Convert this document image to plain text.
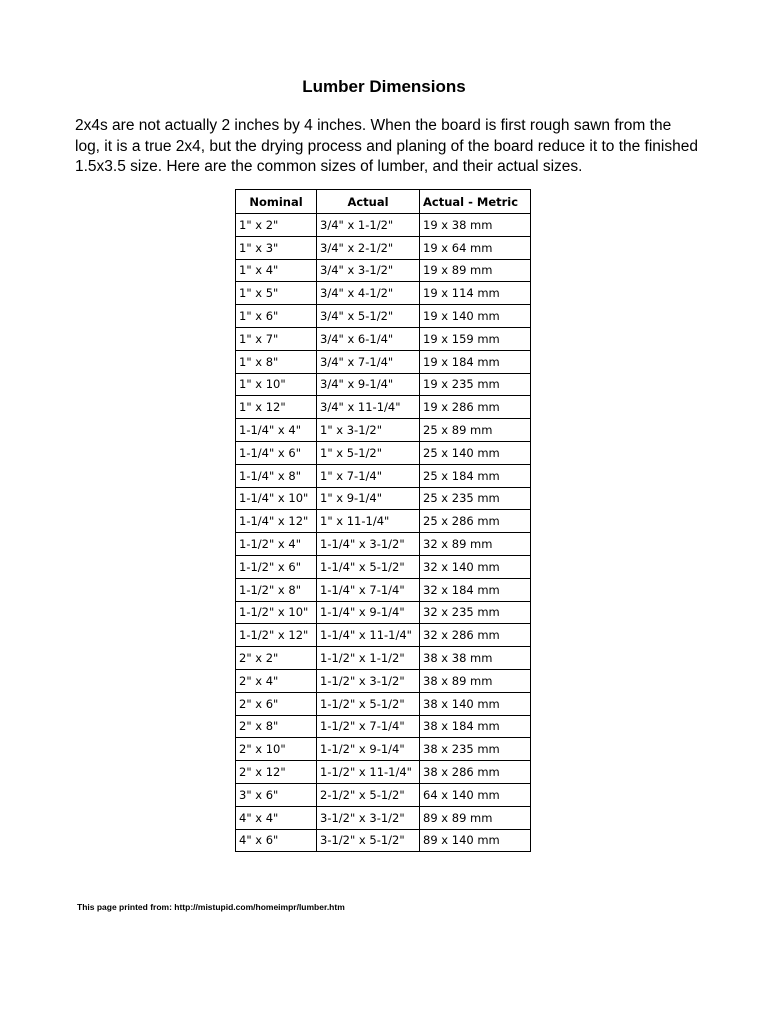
Lumber Dimensions

2x4s are not actually 2 inches by 4 inches. When the board is first rough sawn from the log, it is a true 2x4, but the drying process and planing of the board reduce it to the finished 1.5x3.5 size. Here are the common sizes of lumber, and their actual sizes.

Nominal	Actual	Actual - Metric
1" x 2"	3/4" x 1-1/2"	19 x 38 mm
1" x 3"	3/4" x 2-1/2"	19 x 64 mm
1" x 4"	3/4" x 3-1/2"	19 x 89 mm
1" x 5"	3/4" x 4-1/2"	19 x 114 mm
1" x 6"	3/4" x 5-1/2"	19 x 140 mm
1" x 7"	3/4" x 6-1/4"	19 x 159 mm
1" x 8"	3/4" x 7-1/4"	19 x 184 mm
1" x 10"	3/4" x 9-1/4"	19 x 235 mm
1" x 12"	3/4" x 11-1/4"	19 x 286 mm
1-1/4" x 4"	1" x 3-1/2"	25 x 89 mm
1-1/4" x 6"	1" x 5-1/2"	25 x 140 mm
1-1/4" x 8"	1" x 7-1/4"	25 x 184 mm
1-1/4" x 10"	1" x 9-1/4"	25 x 235 mm
1-1/4" x 12"	1" x 11-1/4"	25 x 286 mm
1-1/2" x 4"	1-1/4" x 3-1/2"	32 x 89 mm
1-1/2" x 6"	1-1/4" x 5-1/2"	32 x 140 mm
1-1/2" x 8"	1-1/4" x 7-1/4"	32 x 184 mm
1-1/2" x 10"	1-1/4" x 9-1/4"	32 x 235 mm
1-1/2" x 12"	1-1/4" x 11-1/4"	32 x 286 mm
2" x 2"	1-1/2" x 1-1/2"	38 x 38 mm
2" x 4"	1-1/2" x 3-1/2"	38 x 89 mm
2" x 6"	1-1/2" x 5-1/2"	38 x 140 mm
2" x 8"	1-1/2" x 7-1/4"	38 x 184 mm
2" x 10"	1-1/2" x 9-1/4"	38 x 235 mm
2" x 12"	1-1/2" x 11-1/4"	38 x 286 mm
3" x 6"	2-1/2" x 5-1/2"	64 x 140 mm
4" x 4"	3-1/2" x 3-1/2"	89 x 89 mm
4" x 6"	3-1/2" x 5-1/2"	89 x 140 mm

This page printed from: http://mistupid.com/homeimpr/lumber.htm
